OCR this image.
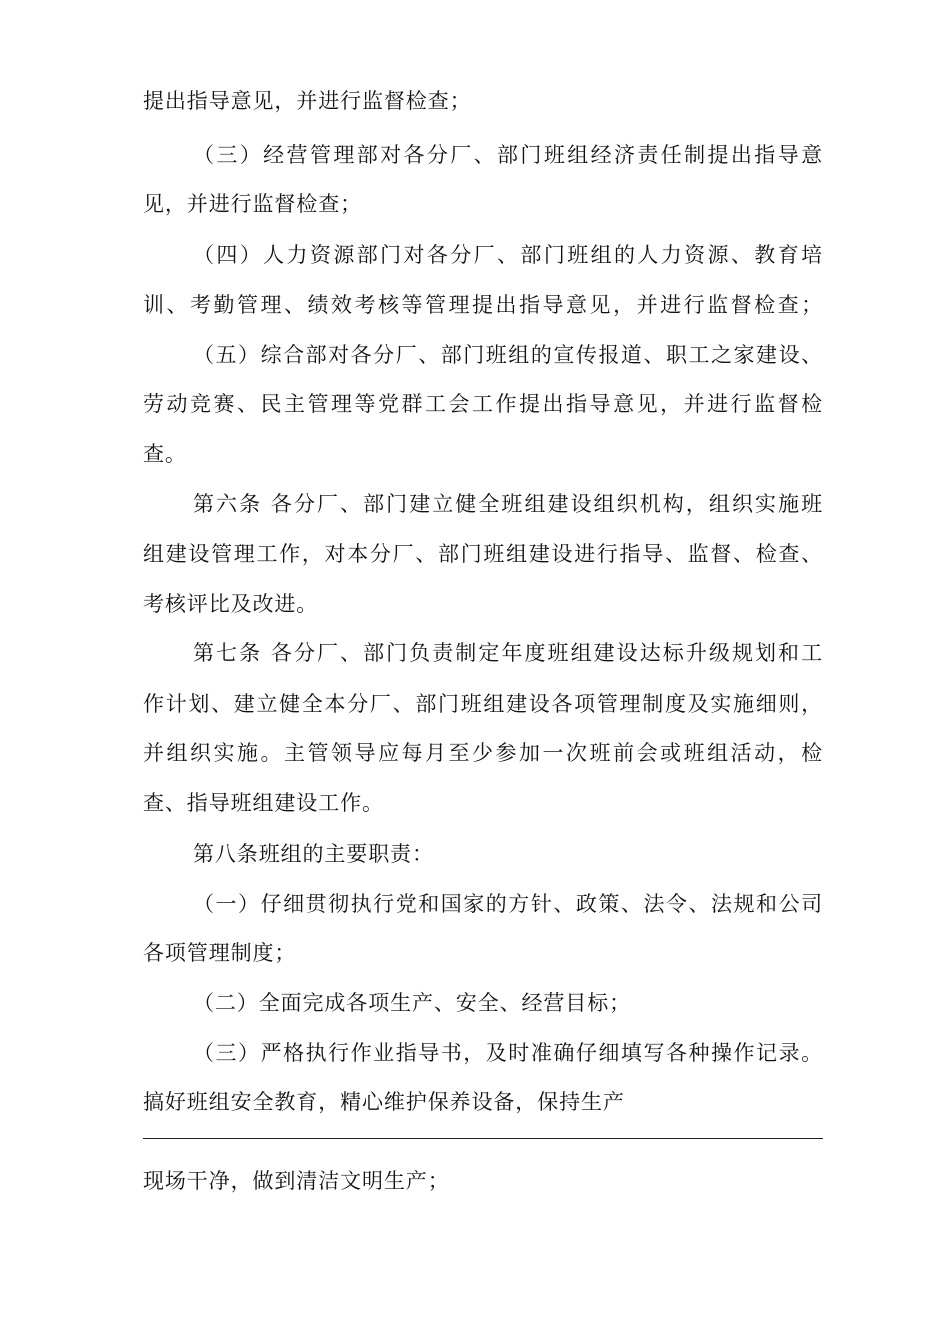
提出指导意见，并进行监督检查；
（三）经营管理部对各分厂、部门班组经济责任制提出指导意
见，并进行监督检查；
（四）人力资源部门对各分厂、部门班组的人力资源、教育培
训、考勤管理、绩效考核等管理提出指导意见，并进行监督检查；
（五）综合部对各分厂、部门班组的宣传报道、职工之家建设、
劳动竞赛、民主管理等党群工会工作提出指导意见，并进行监督检
查。
第六条 各分厂、部门建立健全班组建设组织机构，组织实施班
组建设管理工作，对本分厂、部门班组建设进行指导、监督、检查、
考核评比及改进。
第七条 各分厂、部门负责制定年度班组建设达标升级规划和工
作计划、建立健全本分厂、部门班组建设各项管理制度及实施细则，
并组织实施。主管领导应每月至少参加一次班前会或班组活动，检
查、指导班组建设工作。
第八条班组的主要职责：
（一）仔细贯彻执行党和国家的方针、政策、法令、法规和公司
各项管理制度；
（二）全面完成各项生产、安全、经营目标；
（三）严格执行作业指导书，及时准确仔细填写各种操作记录。
搞好班组安全教育，精心维护保养设备，保持生产
现场干净，做到清洁文明生产；
